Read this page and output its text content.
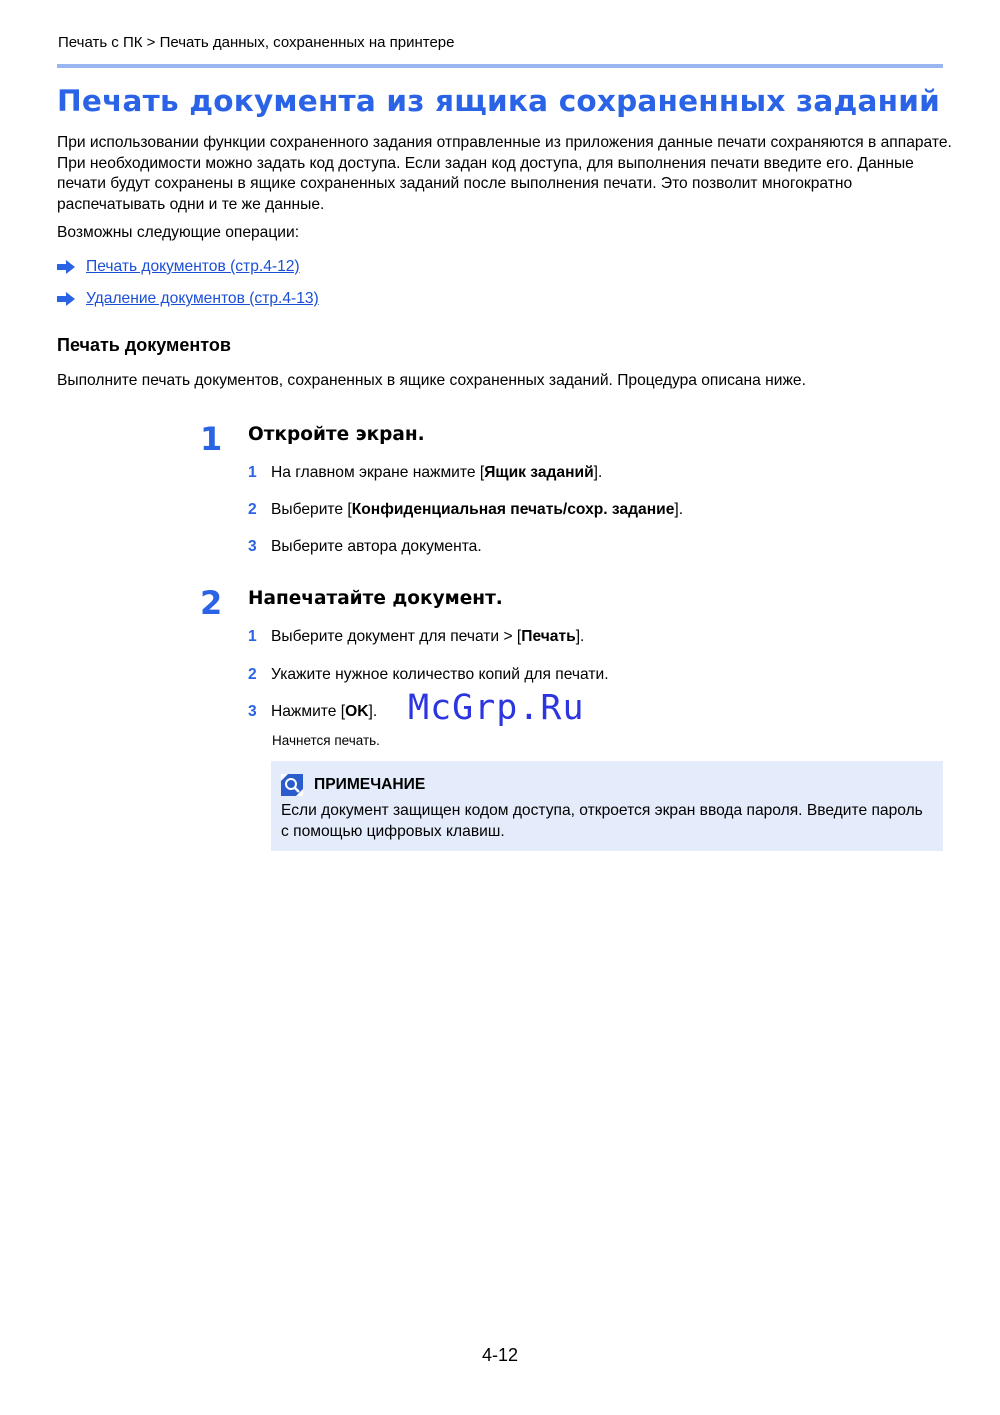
Печать с ПК > Печать данных, сохраненных на принтере
Печать документа из ящика сохраненных заданий

При использовании функции сохраненного задания отправленные из приложения данные печати сохраняются в аппарате. При необходимости можно задать код доступа. Если задан код доступа, для выполнения печати введите его. Данные печати будут сохранены в ящике сохраненных заданий после выполнения печати. Это позволит многократно распечатывать одни и те же данные.

Возможны следующие операции:

Печать документов (стр.4-12)
Удаление документов (стр.4-13)
Печать документов

Выполните печать документов, сохраненных в ящике сохраненных заданий. Процедура описана ниже.

1 Откройте экран.
1 На главном экране нажмите [Ящик заданий].
2 Выберите [Конфиденциальная печать/сохр. задание].
3 Выберите автора документа.
2 Напечатайте документ.
1 Выберите документ для печати > [Печать].
2 Укажите нужное количество копий для печати.
3 Нажмите [OK].
Начнется печать.
McGrp.Ru
ПРИМЕЧАНИЕ

Если документ защищен кодом доступа, откроется экран ввода пароля. Введите пароль с помощью цифровых клавиш.

4-12
